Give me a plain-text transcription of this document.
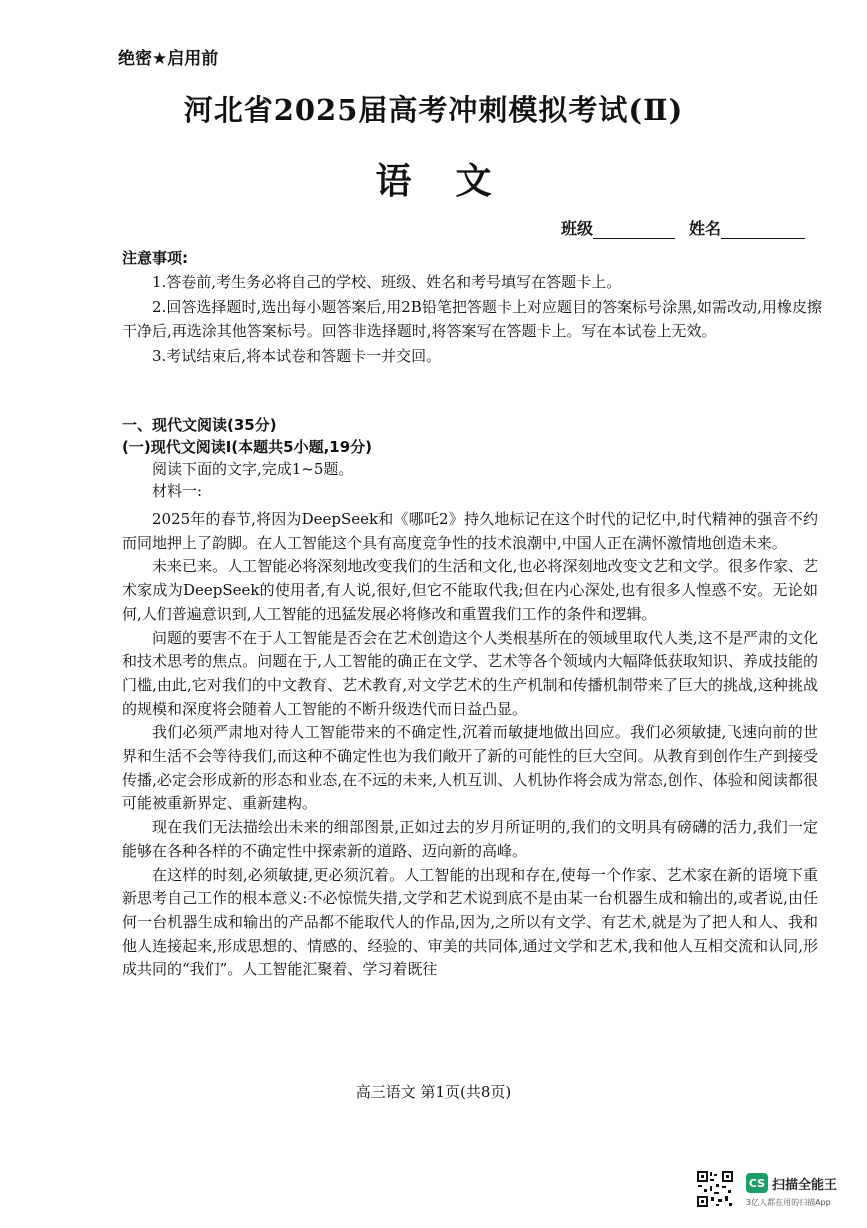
绝密★启用前
河北省2025届高考冲刺模拟考试(Ⅱ)
语文
班级	姓名
注意事项:

1.答卷前,考生务必将自己的学校、班级、姓名和考号填写在答题卡上。

2.回答选择题时,选出每小题答案后,用2B铅笔把答题卡上对应题目的答案标号涂黑,如需改动,用橡皮擦干净后,再选涂其他答案标号。回答非选择题时,将答案写在答题卡上。写在本试卷上无效。

3.考试结束后,将本试卷和答题卡一并交回。

一、现代文阅读(35分)
(一)现代文阅读Ⅰ(本题共5小题,19分)
阅读下面的文字,完成1~5题。
材料一:

2025年的春节,将因为DeepSeek和《哪吒2》持久地标记在这个时代的记忆中,时代精神的强音不约而同地押上了韵脚。在人工智能这个具有高度竞争性的技术浪潮中,中国人正在满怀激情地创造未来。

未来已来。人工智能必将深刻地改变我们的生活和文化,也必将深刻地改变文艺和文学。很多作家、艺术家成为DeepSeek的使用者,有人说,很好,但它不能取代我;但在内心深处,也有很多人惶惑不安。无论如何,人们普遍意识到,人工智能的迅猛发展必将修改和重置我们工作的条件和逻辑。

问题的要害不在于人工智能是否会在艺术创造这个人类根基所在的领域里取代人类,这不是严肃的文化和技术思考的焦点。问题在于,人工智能的确正在文学、艺术等各个领域内大幅降低获取知识、养成技能的门槛,由此,它对我们的中文教育、艺术教育,对文学艺术的生产机制和传播机制带来了巨大的挑战,这种挑战的规模和深度将会随着人工智能的不断升级迭代而日益凸显。

我们必须严肃地对待人工智能带来的不确定性,沉着而敏捷地做出回应。我们必须敏捷,飞速向前的世界和生活不会等待我们,而这种不确定性也为我们敞开了新的可能性的巨大空间。从教育到创作生产到接受传播,必定会形成新的形态和业态,在不远的未来,人机互训、人机协作将会成为常态,创作、体验和阅读都很可能被重新界定、重新建构。

现在我们无法描绘出未来的细部图景,正如过去的岁月所证明的,我们的文明具有磅礴的活力,我们一定能够在各种各样的不确定性中探索新的道路、迈向新的高峰。

在这样的时刻,必须敏捷,更必须沉着。人工智能的出现和存在,使每一个作家、艺术家在新的语境下重新思考自己工作的根本意义:不必惊慌失措,文学和艺术说到底不是由某一台机器生成和输出的,或者说,由任何一台机器生成和输出的产品都不能取代人的作品,因为,之所以有文学、有艺术,就是为了把人和人、我和他人连接起来,形成思想的、情感的、经验的、审美的共同体,通过文学和艺术,我和他人互相交流和认同,形成共同的“我们”。人工智能汇聚着、学习着既往

高三语文 第1页(共8页)
CS 扫描全能王
3亿人都在用的扫描App
